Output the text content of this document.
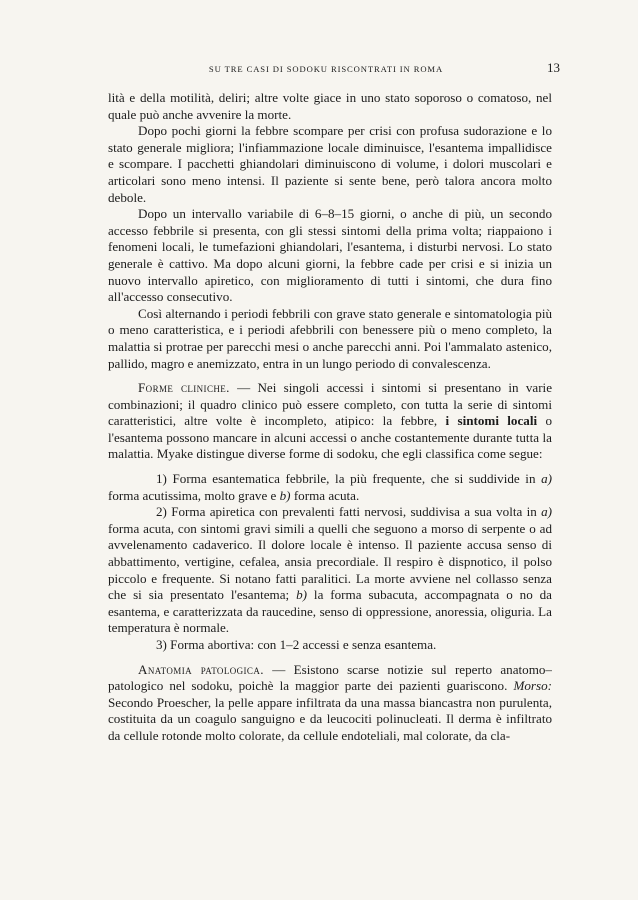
SU TRE CASI DI SODOKU RISCONTRATI IN ROMA	13

lità e della motilità, deliri; altre volte giace in uno stato soporoso o comatoso, nel quale può anche avvenire la morte.

Dopo pochi giorni la febbre scompare per crisi con profusa sudorazione e lo stato generale migliora; l'infiammazione locale diminuisce, l'esantema impallidisce e scompare. I pacchetti ghiandolari diminuiscono di volume, i dolori muscolari e articolari sono meno intensi. Il paziente si sente bene, però talora ancora molto debole.

Dopo un intervallo variabile di 6–8–15 giorni, o anche di più, un secondo accesso febbrile si presenta, con gli stessi sintomi della prima volta; riappaiono i fenomeni locali, le tumefazioni ghiandolari, l'esantema, i disturbi nervosi. Lo stato generale è cattivo. Ma dopo alcuni giorni, la febbre cade per crisi e si inizia un nuovo intervallo apiretico, con miglioramento di tutti i sintomi, che dura fino all'accesso consecutivo.

Così alternando i periodi febbrili con grave stato generale e sintomatologia più o meno caratteristica, e i periodi afebbrili con benessere più o meno completo, la malattia si protrae per parecchi mesi o anche parecchi anni. Poi l'ammalato astenico, pallido, magro e anemizzato, entra in un lungo periodo di convalescenza.

Forme cliniche. — Nei singoli accessi i sintomi si presentano in varie combinazioni; il quadro clinico può essere completo, con tutta la serie di sintomi caratteristici, altre volte è incompleto, atipico: la febbre, i sintomi locali o l'esantema possono mancare in alcuni accessi o anche costantemente durante tutta la malattia. Myake distingue diverse forme di sodoku, che egli classifica come segue:

1) Forma esantematica febbrile, la più frequente, che si suddivide in a) forma acutissima, molto grave e b) forma acuta.

2) Forma apiretica con prevalenti fatti nervosi, suddivisa a sua volta in a) forma acuta, con sintomi gravi simili a quelli che seguono a morso di serpente o ad avvelenamento cadaverico. Il dolore locale è intenso. Il paziente accusa senso di abbattimento, vertigine, cefalea, ansia precordiale. Il respiro è dispnotico, il polso piccolo e frequente. Si notano fatti paralitici. La morte avviene nel collasso senza che si sia presentato l'esantema; b) la forma subacuta, accompagnata o no da esantema, e caratterizzata da raucedine, senso di oppressione, anoressia, oliguria. La temperatura è normale.

3) Forma abortiva: con 1–2 accessi e senza esantema.

Anatomia patologica. — Esistono scarse notizie sul reperto anatomo–patologico nel sodoku, poichè la maggior parte dei pazienti guariscono. Morso: Secondo Proescher, la pelle appare infiltrata da una massa biancastra non purulenta, costituita da un coagulo sanguigno e da leucociti polinucleati. Il derma è infiltrato da cellule rotonde molto colorate, da cellule endoteliali, mal colorate, da cla-
